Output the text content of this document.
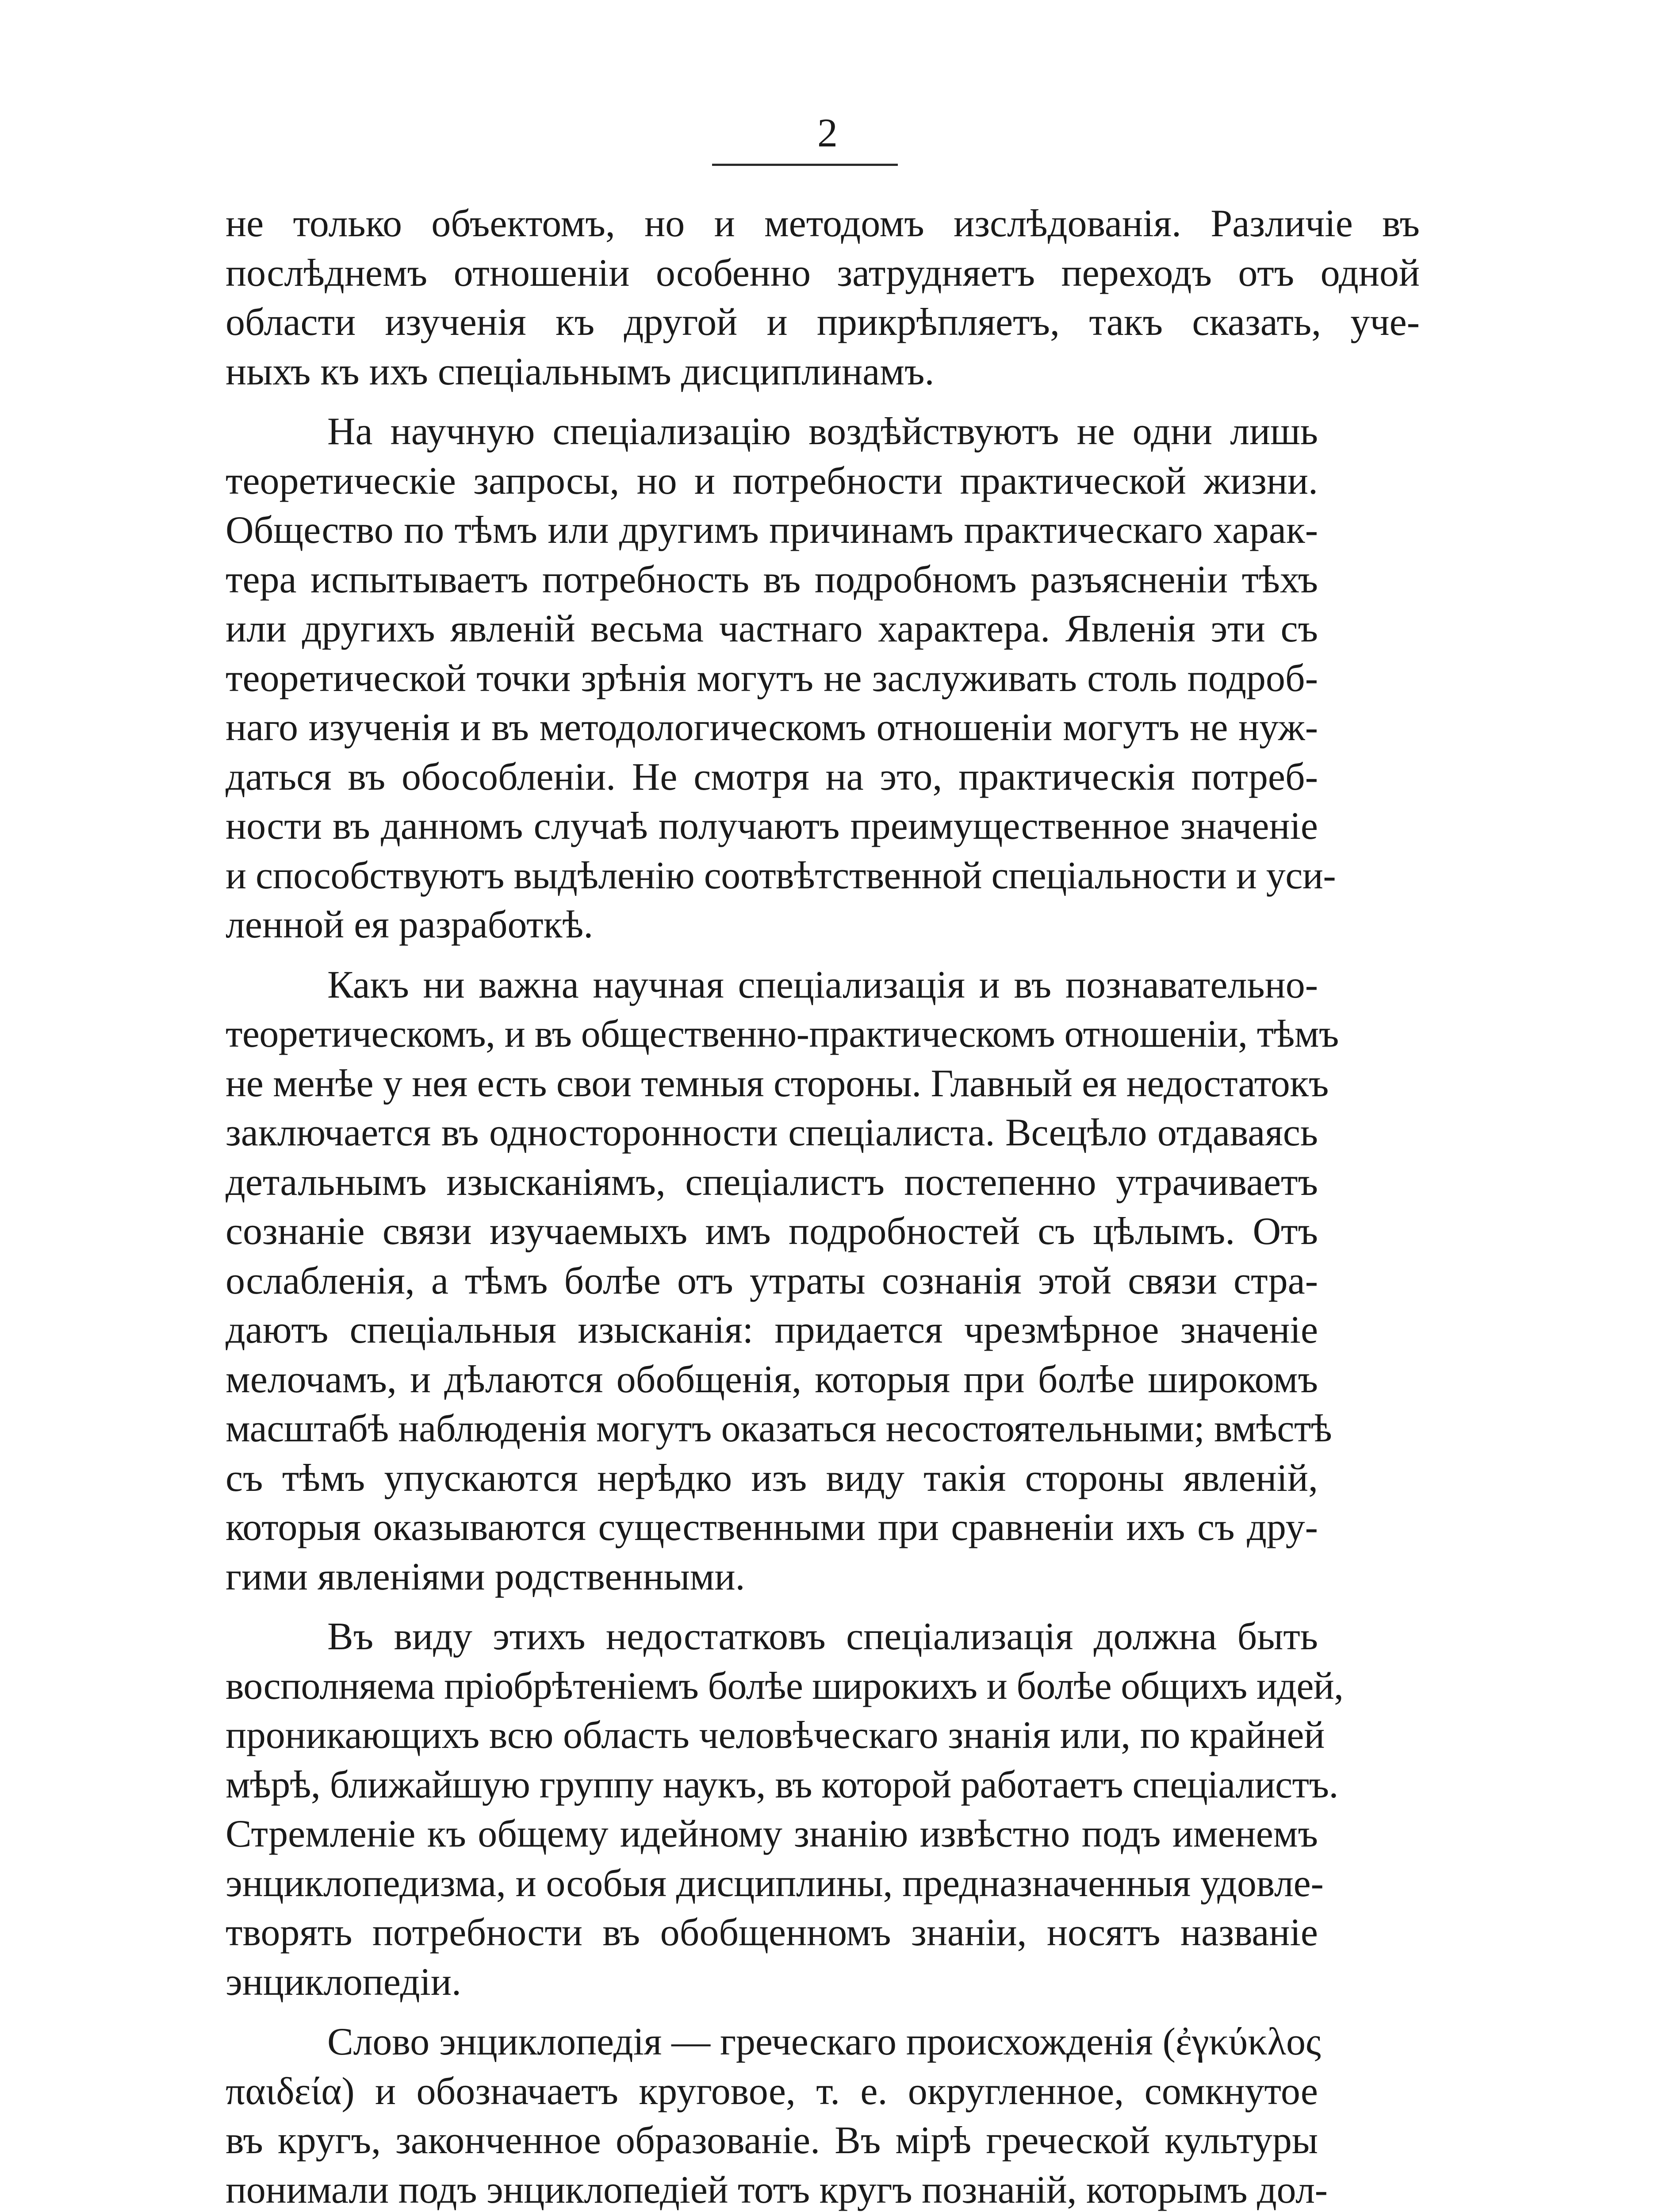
2
не только объектомъ, но и методомъ изслѣдованія. Различіе въ
послѣднемъ отношеніи особенно затрудняетъ переходъ отъ одной
области изученія къ другой и прикрѣпляетъ, такъ сказать, уче-
ныхъ къ ихъ спеціальнымъ дисциплинамъ.
На научную спеціализацію воздѣйствуютъ не одни лишь
теоретическіе запросы, но и потребности практической жизни.
Общество по тѣмъ или другимъ причинамъ практическаго харак-
тера испытываетъ потребность въ подробномъ разъясненіи тѣхъ
или другихъ явленій весьма частнаго характера. Явленія эти съ
теоретической точки зрѣнія могутъ не заслуживать столь подроб-
наго изученія и въ методологическомъ отношеніи могутъ не нуж-
даться въ обособленіи. Не смотря на это, практическія потреб-
ности въ данномъ случаѣ получаютъ преимущественное значеніе
и способствуютъ выдѣленію соотвѣтственной спеціальности и уси-
ленной ея разработкѣ.
Какъ ни важна научная спеціализація и въ познавательно-
теоретическомъ, и въ общественно-практическомъ отношеніи, тѣмъ
не менѣе у нея есть свои темныя стороны. Главный ея недостатокъ
заключается въ односторонности спеціалиста. Всецѣло отдаваясь
детальнымъ изысканіямъ, спеціалистъ постепенно утрачиваетъ
сознаніе связи изучаемыхъ имъ подробностей съ цѣлымъ. Отъ
ослабленія, а тѣмъ болѣе отъ утраты сознанія этой связи стра-
даютъ спеціальныя изысканія: придается чрезмѣрное значеніе
мелочамъ, и дѣлаются обобщенія, которыя при болѣе широкомъ
масштабѣ наблюденія могутъ оказаться несостоятельными; вмѣстѣ
съ тѣмъ упускаются нерѣдко изъ виду такія стороны явленій,
которыя оказываются существенными при сравненіи ихъ съ дру-
гими явленіями родственными.
Въ виду этихъ недостатковъ спеціализація должна быть
восполняема пріобрѣтеніемъ болѣе широкихъ и болѣе общихъ идей,
проникающихъ всю область человѣческаго знанія или, по крайней
мѣрѣ, ближайшую группу наукъ, въ которой работаетъ спеціалистъ.
Стремленіе къ общему идейному знанію извѣстно подъ именемъ
энциклопедизма, и особыя дисциплины, предназначенныя удовле-
творять потребности въ обобщенномъ знаніи, носятъ названіе
энциклопедіи.
Слово энциклопедія — греческаго происхожденія (ἐγκύκλος
παιδεία) и обозначаетъ круговое, т. е. округленное, сомкнутое
въ кругъ, законченное образованіе. Въ мірѣ греческой культуры
понимали подъ энциклопедіей тотъ кругъ познаній, которымъ дол-
